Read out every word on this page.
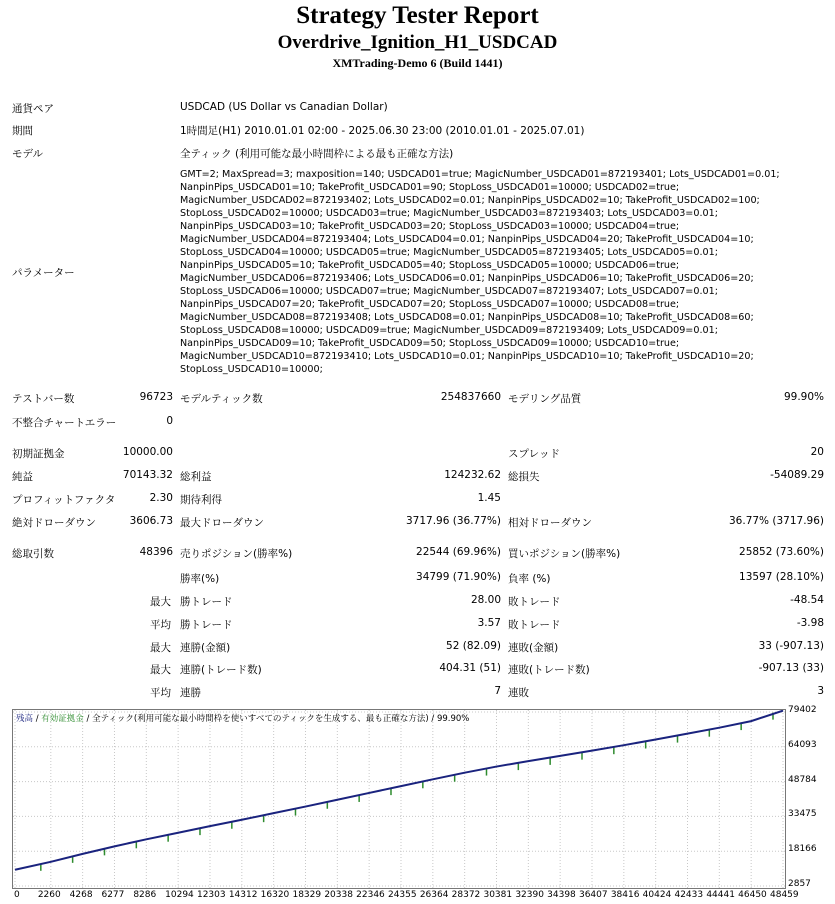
Strategy Tester Report
Overdrive_Ignition_H1_USDCAD
XMTrading-Demo 6 (Build 1441)
通貨ペア	USDCAD (US Dollar vs Canadian Dollar)
期間	1時間足(H1) 2010.01.01 02:00 - 2025.06.30 23:00 (2010.01.01 - 2025.07.01)
モデル	全ティック (利用可能な最小時間枠による最も正確な方法)
パラメーター
GMT=2; MaxSpread=3; maxposition=140; USDCAD01=true; MagicNumber_USDCAD01=872193401; Lots_USDCAD01=0.01;
NanpinPips_USDCAD01=10; TakeProfit_USDCAD01=90; StopLoss_USDCAD01=10000; USDCAD02=true;
MagicNumber_USDCAD02=872193402; Lots_USDCAD02=0.01; NanpinPips_USDCAD02=10; TakeProfit_USDCAD02=100;
StopLoss_USDCAD02=10000; USDCAD03=true; MagicNumber_USDCAD03=872193403; Lots_USDCAD03=0.01;
NanpinPips_USDCAD03=10; TakeProfit_USDCAD03=20; StopLoss_USDCAD03=10000; USDCAD04=true;
MagicNumber_USDCAD04=872193404; Lots_USDCAD04=0.01; NanpinPips_USDCAD04=20; TakeProfit_USDCAD04=10;
StopLoss_USDCAD04=10000; USDCAD05=true; MagicNumber_USDCAD05=872193405; Lots_USDCAD05=0.01;
NanpinPips_USDCAD05=10; TakeProfit_USDCAD05=40; StopLoss_USDCAD05=10000; USDCAD06=true;
MagicNumber_USDCAD06=872193406; Lots_USDCAD06=0.01; NanpinPips_USDCAD06=10; TakeProfit_USDCAD06=20;
StopLoss_USDCAD06=10000; USDCAD07=true; MagicNumber_USDCAD07=872193407; Lots_USDCAD07=0.01;
NanpinPips_USDCAD07=20; TakeProfit_USDCAD07=20; StopLoss_USDCAD07=10000; USDCAD08=true;
MagicNumber_USDCAD08=872193408; Lots_USDCAD08=0.01; NanpinPips_USDCAD08=10; TakeProfit_USDCAD08=60;
StopLoss_USDCAD08=10000; USDCAD09=true; MagicNumber_USDCAD09=872193409; Lots_USDCAD09=0.01;
NanpinPips_USDCAD09=10; TakeProfit_USDCAD09=50; StopLoss_USDCAD09=10000; USDCAD10=true;
MagicNumber_USDCAD10=872193410; Lots_USDCAD10=0.01; NanpinPips_USDCAD10=10; TakeProfit_USDCAD10=20;
StopLoss_USDCAD10=10000;
テストバー数	96723 モデルティック数	254837660 モデリング品質	99.90%
不整合チャートエラー	0
初期証拠金	10000.00	スプレッド	20
純益	70143.32 総利益	124232.62 総損失	-54089.29
プロフィットファクタ	2.30 期待利得	1.45
絶対ドローダウン	3606.73 最大ドローダウン	3717.96 (36.77%) 相対ドローダウン	36.77% (3717.96)
総取引数	48396 売りポジション(勝率%)	22544 (69.96%) 買いポジション(勝率%)	25852 (73.60%)
勝率(%)	34799 (71.90%) 負率 (%)	13597 (28.10%)
最大 勝トレード	28.00 敗トレード	-48.54
平均 勝トレード	3.57 敗トレード	-3.98
最大 連勝(金額)	52 (82.09) 連敗(金額)	33 (-907.13)
最大 連勝(トレード数)	404.31 (51) 連敗(トレード数)	-907.13 (33)
平均 連勝	7 連敗	3
残高 / 有効証拠金 / 全ティック(利用可能な最小時間枠を使いすべてのティックを生成する、最も正確な方法) / 99.90%
79402
64093
48784
33475
18166
2857
0 2260 4268 6277 8286 10294 12303 14312 16320 18329 20338 22346 24355 26364 28372 30381 32390 34398 36407 38416 40424 42433 44441 46450 48459
